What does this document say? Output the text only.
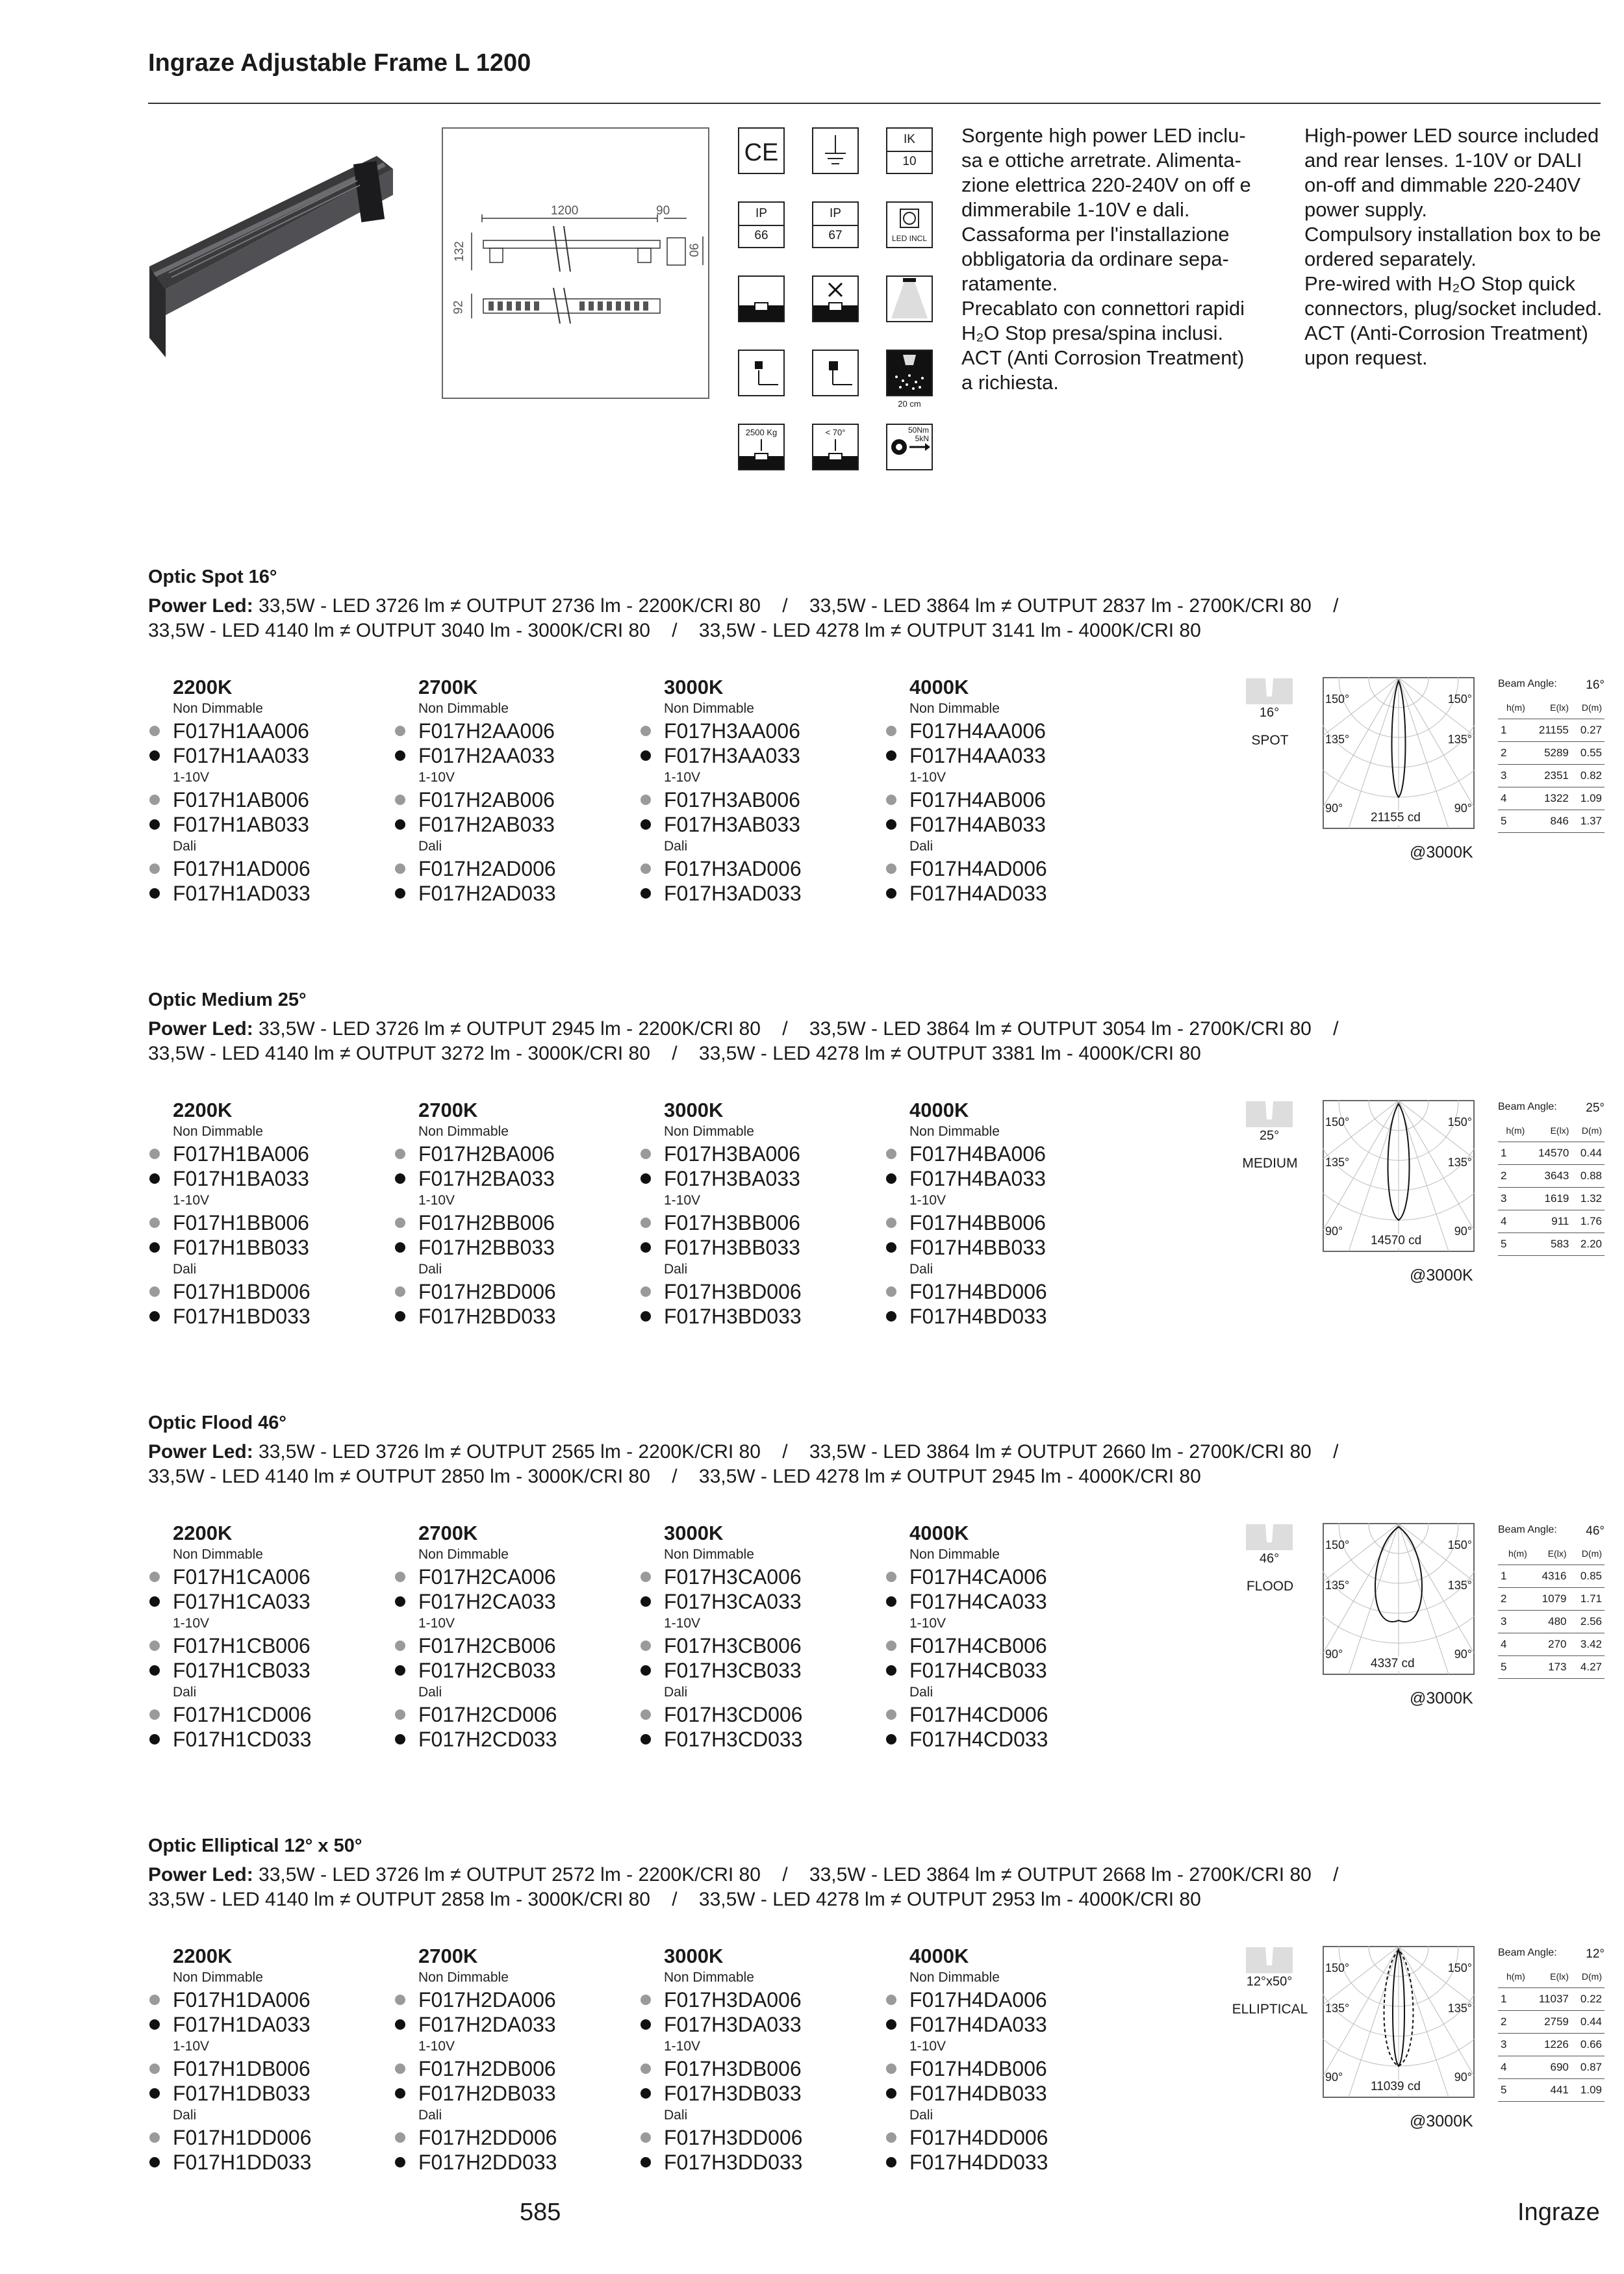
Ingraze Adjustable Frame L 1200
1200	90
90
132
92
CE	IK
10
IP
66
IP
67	LED INCL
20 cm
2500 Kg	< 70°	50Nm
5kN
Sorgente high power LED inclu-
sa e ottiche arretrate. Alimenta-
zione elettrica 220-240V on off e
dimmerabile 1-10V e dali.
Cassaforma per l'installazione
obbligatoria da ordinare sepa-
ratamente.
Precablato con connettori rapidi
H₂O Stop presa/spina inclusi.
ACT (Anti Corrosion Treatment)
a richiesta.
High-power LED source included
and rear lenses. 1-10V or DALI
on-off and dimmable 220-240V
power supply.
Compulsory installation box to be
ordered separately.
Pre-wired with H₂O Stop quick
connectors, plug/socket included.
ACT (Anti-Corrosion Treatment)
upon request.
Optic Spot 16°
Power Led: 33,5W - LED 3726 lm ≠ OUTPUT 2736 lm - 2200K/CRI 80    /    33,5W - LED 3864 lm ≠ OUTPUT 2837 lm - 2700K/CRI 80    /
33,5W - LED 4140 lm ≠ OUTPUT 3040 lm - 3000K/CRI 80    /    33,5W - LED 4278 lm ≠ OUTPUT 3141 lm - 4000K/CRI 80
2200K
Non Dimmable
F017H1AA006
F017H1AA033
1-10V
F017H1AB006
F017H1AB033
Dali
F017H1AD006
F017H1AD033
2700K
Non Dimmable
F017H2AA006
F017H2AA033
1-10V
F017H2AB006
F017H2AB033
Dali
F017H2AD006
F017H2AD033
3000K
Non Dimmable
F017H3AA006
F017H3AA033
1-10V
F017H3AB006
F017H3AB033
Dali
F017H3AD006
F017H3AD033
4000K
Non Dimmable
F017H4AA006
F017H4AA033
1-10V
F017H4AB006
F017H4AB033
Dali
F017H4AD006
F017H4AD033
16°
SPOT
150°	150°
135°	135°
90°	90°
21155 cd
@3000K
Beam Angle: 16°
h(m)	E(lx)	D(m)
1	21155	0.27
2	5289	0.55
3	2351	0.82
4	1322	1.09
5	846	1.37
Optic Medium 25°
Power Led: 33,5W - LED 3726 lm ≠ OUTPUT 2945 lm - 2200K/CRI 80    /    33,5W - LED 3864 lm ≠ OUTPUT 3054 lm - 2700K/CRI 80    /
33,5W - LED 4140 lm ≠ OUTPUT 3272 lm - 3000K/CRI 80    /    33,5W - LED 4278 lm ≠ OUTPUT 3381 lm - 4000K/CRI 80
2200K
Non Dimmable
F017H1BA006
F017H1BA033
1-10V
F017H1BB006
F017H1BB033
Dali
F017H1BD006
F017H1BD033
2700K
Non Dimmable
F017H2BA006
F017H2BA033
1-10V
F017H2BB006
F017H2BB033
Dali
F017H2BD006
F017H2BD033
3000K
Non Dimmable
F017H3BA006
F017H3BA033
1-10V
F017H3BB006
F017H3BB033
Dali
F017H3BD006
F017H3BD033
4000K
Non Dimmable
F017H4BA006
F017H4BA033
1-10V
F017H4BB006
F017H4BB033
Dali
F017H4BD006
F017H4BD033
25°
MEDIUM
150°	150°
135°	135°
90°	90°
14570 cd
@3000K
Beam Angle: 25°
h(m)	E(lx)	D(m)
1	14570	0.44
2	3643	0.88
3	1619	1.32
4	911	1.76
5	583	2.20
Optic Flood 46°
Power Led: 33,5W - LED 3726 lm ≠ OUTPUT 2565 lm - 2200K/CRI 80    /    33,5W - LED 3864 lm ≠ OUTPUT 2660 lm - 2700K/CRI 80    /
33,5W - LED 4140 lm ≠ OUTPUT 2850 lm - 3000K/CRI 80    /    33,5W - LED 4278 lm ≠ OUTPUT 2945 lm - 4000K/CRI 80
2200K
Non Dimmable
F017H1CA006
F017H1CA033
1-10V
F017H1CB006
F017H1CB033
Dali
F017H1CD006
F017H1CD033
2700K
Non Dimmable
F017H2CA006
F017H2CA033
1-10V
F017H2CB006
F017H2CB033
Dali
F017H2CD006
F017H2CD033
3000K
Non Dimmable
F017H3CA006
F017H3CA033
1-10V
F017H3CB006
F017H3CB033
Dali
F017H3CD006
F017H3CD033
4000K
Non Dimmable
F017H4CA006
F017H4CA033
1-10V
F017H4CB006
F017H4CB033
Dali
F017H4CD006
F017H4CD033
46°
FLOOD
150°	150°
135°	135°
90°	90°
4337 cd
@3000K
Beam Angle: 46°
h(m)	E(lx)	D(m)
1	4316	0.85
2	1079	1.71
3	480	2.56
4	270	3.42
5	173	4.27
Optic Elliptical 12° x 50°
Power Led: 33,5W - LED 3726 lm ≠ OUTPUT 2572 lm - 2200K/CRI 80    /    33,5W - LED 3864 lm ≠ OUTPUT 2668 lm - 2700K/CRI 80    /
33,5W - LED 4140 lm ≠ OUTPUT 2858 lm - 3000K/CRI 80    /    33,5W - LED 4278 lm ≠ OUTPUT 2953 lm - 4000K/CRI 80
2200K
Non Dimmable
F017H1DA006
F017H1DA033
1-10V
F017H1DB006
F017H1DB033
Dali
F017H1DD006
F017H1DD033
2700K
Non Dimmable
F017H2DA006
F017H2DA033
1-10V
F017H2DB006
F017H2DB033
Dali
F017H2DD006
F017H2DD033
3000K
Non Dimmable
F017H3DA006
F017H3DA033
1-10V
F017H3DB006
F017H3DB033
Dali
F017H3DD006
F017H3DD033
4000K
Non Dimmable
F017H4DA006
F017H4DA033
1-10V
F017H4DB006
F017H4DB033
Dali
F017H4DD006
F017H4DD033
12°x50°
ELLIPTICAL
150°	150°
135°	135°
90°	90°
11039 cd
@3000K
Beam Angle: 12°
h(m)	E(lx)	D(m)
1	11037	0.22
2	2759	0.44
3	1226	0.66
4	690	0.87
5	441	1.09
585	Ingraze
